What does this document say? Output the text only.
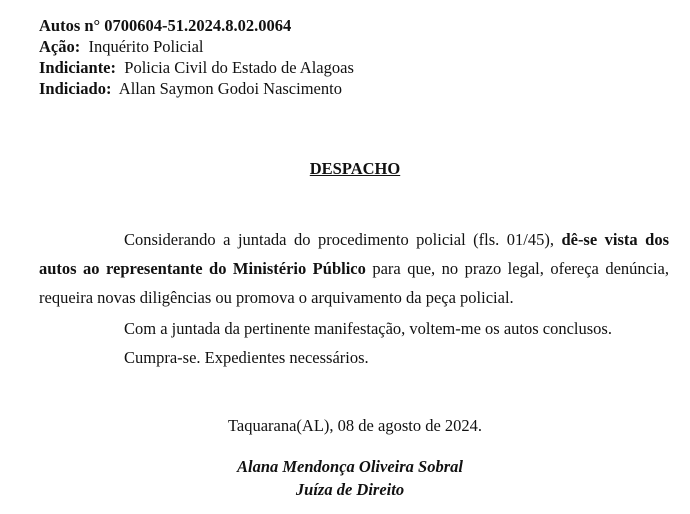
Autos n° 0700604-51.2024.8.02.0064
Ação: Inquérito Policial
Indiciante: Policia Civil do Estado de Alagoas
Indiciado: Allan Saymon Godoi Nascimento
DESPACHO
Considerando a juntada do procedimento policial (fls. 01/45), dê-se vista dos autos ao representante do Ministério Público para que, no prazo legal, ofereça denúncia, requeira novas diligências ou promova o arquivamento da peça policial.
Com a juntada da pertinente manifestação, voltem-me os autos conclusos.
Cumpra-se. Expedientes necessários.
Taquarana(AL), 08 de agosto de 2024.
Alana Mendonça Oliveira Sobral
Juíza de Direito
